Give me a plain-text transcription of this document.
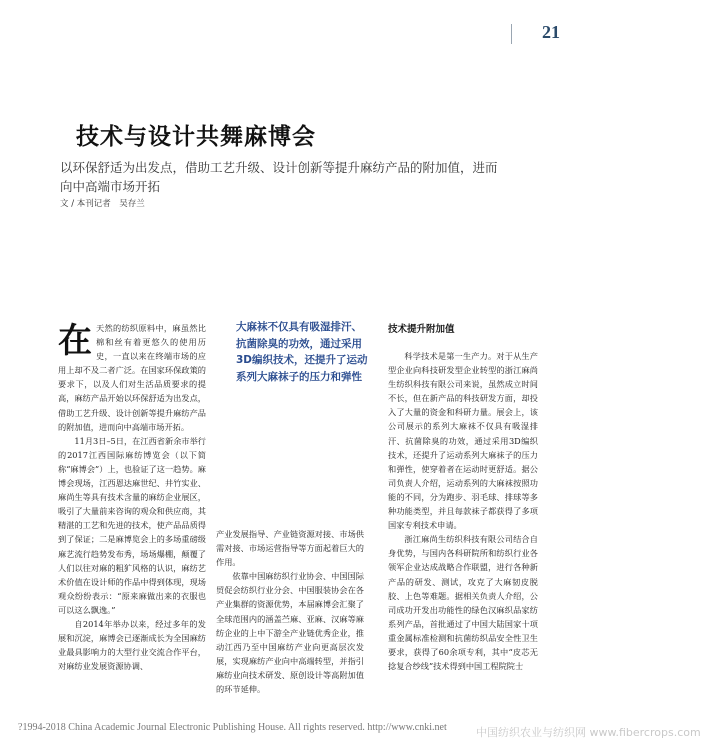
21
技术与设计共舞麻博会
以环保舒适为出发点，借助工艺升级、设计创新等提升麻纺产品的附加值，进而向中高端市场开拓
文 / 本刊记者　吴存兰
在 天然的纺织原料中，麻虽然比棉和丝有着更悠久的使用历史，一直以来在终端市场的应用上却不及二者广泛。在国家环保政策的要求下，以及人们对生活品质要求的提高，麻纺产品开始以环保舒适为出发点，借助工艺升级、设计创新等提升麻纺产品的附加值，进而向中高端市场开拓。

11月3日–5日，在江西省新余市举行的2017江西国际麻纺博览会（以下简称“麻博会”）上，也验证了这一趋势。麻博会现场，江西恩达麻世纪、井竹实业、麻尚生等具有技术含量的麻纺企业展区，吸引了大量前来咨询的观众和供应商，其精湛的工艺和先进的技术，使产品品质得到了保证；二是麻博览会上的多场重磅级麻艺流行趋势发布秀，场场爆棚，颠覆了人们以往对麻的粗犷风格的认识，麻纺艺术价值在设计师的作品中得到体现，现场观众纷纷表示：“原来麻做出来的衣服也可以这么飘逸。”

自2014年举办以来，经过多年的发展和沉淀，麻博会已逐渐成长为全国麻纺业最具影响力的大型行业交流合作平台，对麻纺业发展资源协调、

大麻袜不仅具有吸湿排汗、抗菌除臭的功效，通过采用3D编织技术，还提升了运动系列大麻袜子的压力和弹性

产业发展指导、产业链资源对接、市场供需对接、市场运营指导等方面起着巨大的作用。

依靠中国麻纺织行业协会、中国国际贸促会纺织行业分会、中国服装协会在各产业集群的资源优势，本届麻博会汇聚了全球范围内的涵盖苎麻、亚麻、汉麻等麻纺企业的上中下游全产业链优秀企业，推动江西乃至中国麻纺产业向更高层次发展，实现麻纺产业向中高端转型，并指引麻纺业向技术研发、原创设计等高附加值的环节延伸。

技术提升附加值

科学技术是第一生产力。对于从生产型企业向科技研发型企业转型的浙江麻尚生纺织科技有限公司来说，虽然成立时间不长，但在新产品的科技研发方面，却投入了大量的资金和科研力量。展会上，该公司展示的系列大麻袜不仅具有吸湿排汗、抗菌除臭的功效，通过采用3D编织技术，还提升了运动系列大麻袜子的压力和弹性，使穿着者在运动时更舒适。据公司负责人介绍，运动系列的大麻袜按照功能的不同，分为跑步、羽毛球、排球等多种功能类型，并且每款袜子都获得了多项国家专利技术申请。

浙江麻尚生纺织科技有限公司结合自身优势，与国内各科研院所和纺织行业各领军企业达成战略合作联盟，进行各种新产品的研发、测试，攻克了大麻韧皮脱胶、上色等难题。据相关负责人介绍，公司成功开发出功能性的绿色汉麻织品家纺系列产品，首批通过了中国大陆国家十项重金属标准检测和抗菌纺织品安全性卫生要求，获得了60余项专利，其中“皮芯无捻复合纱线”技术得到中国工程院院士

?1994-2018 China Academic Journal Electronic Publishing House. All rights reserved. http://www.cnki.net	中国纺织农业与纺织网 www.fibercrops.com
